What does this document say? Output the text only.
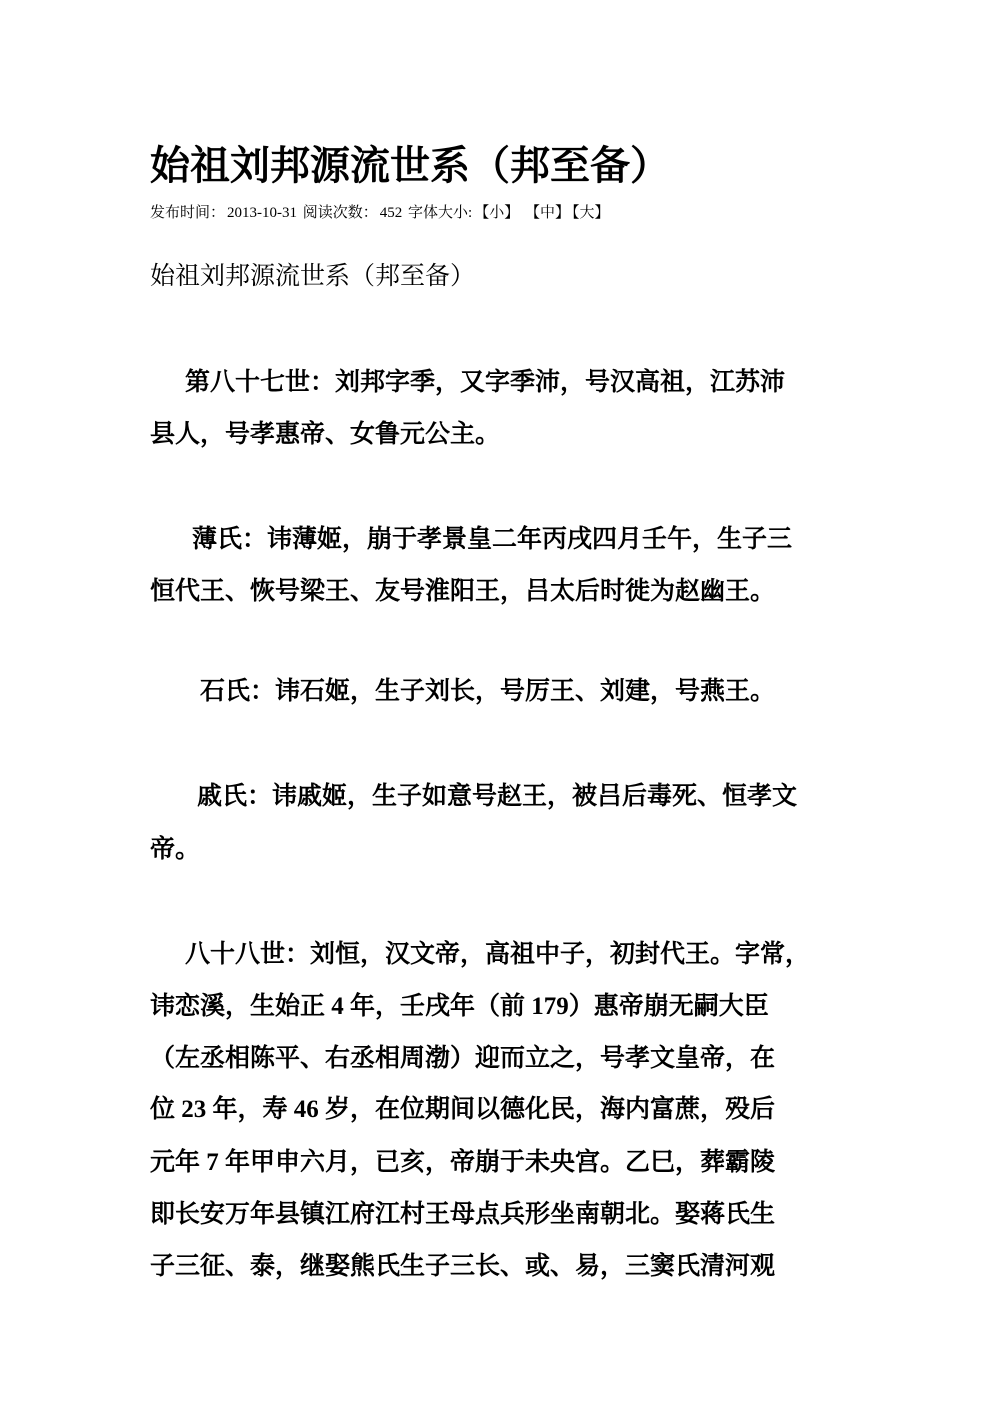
始祖刘邦源流世系（邦至备）
发布时间： 2013-10-31 阅读次数： 452 字体大小: 【小】 【中】 【大】
始祖刘邦源流世系（邦至备）
第八十七世：刘邦字季，又字季沛，号汉高祖，江苏沛
县人，号孝惠帝、女鲁元公主。
薄氏：讳薄姬，崩于孝景皇二年丙戌四月壬午，生子三
恒代王、恢号梁王、友号淮阳王，吕太后时徙为赵幽王。
石氏：讳石姬，生子刘长，号厉王、刘建，号燕王。
戚氏：讳戚姬，生子如意号赵王，被吕后毒死、恒孝文
帝。
八十八世：刘恒，汉文帝，高祖中子，初封代王。字常，
讳恋溪，生始正 4 年，壬戌年（前 179）惠帝崩无嗣大臣
（左丞相陈平、右丞相周渤）迎而立之，号孝文皇帝，在
位 23 年，寿 46 岁，在位期间以德化民，海内富蔗，殁后
元年 7 年甲申六月，已亥，帝崩于未央宫。乙巳，葬霸陵
即长安万年县镇江府江村王母点兵形坐南朝北。娶蒋氏生
子三征、泰，继娶熊氏生子三长、或、易，三窦氏清河观
